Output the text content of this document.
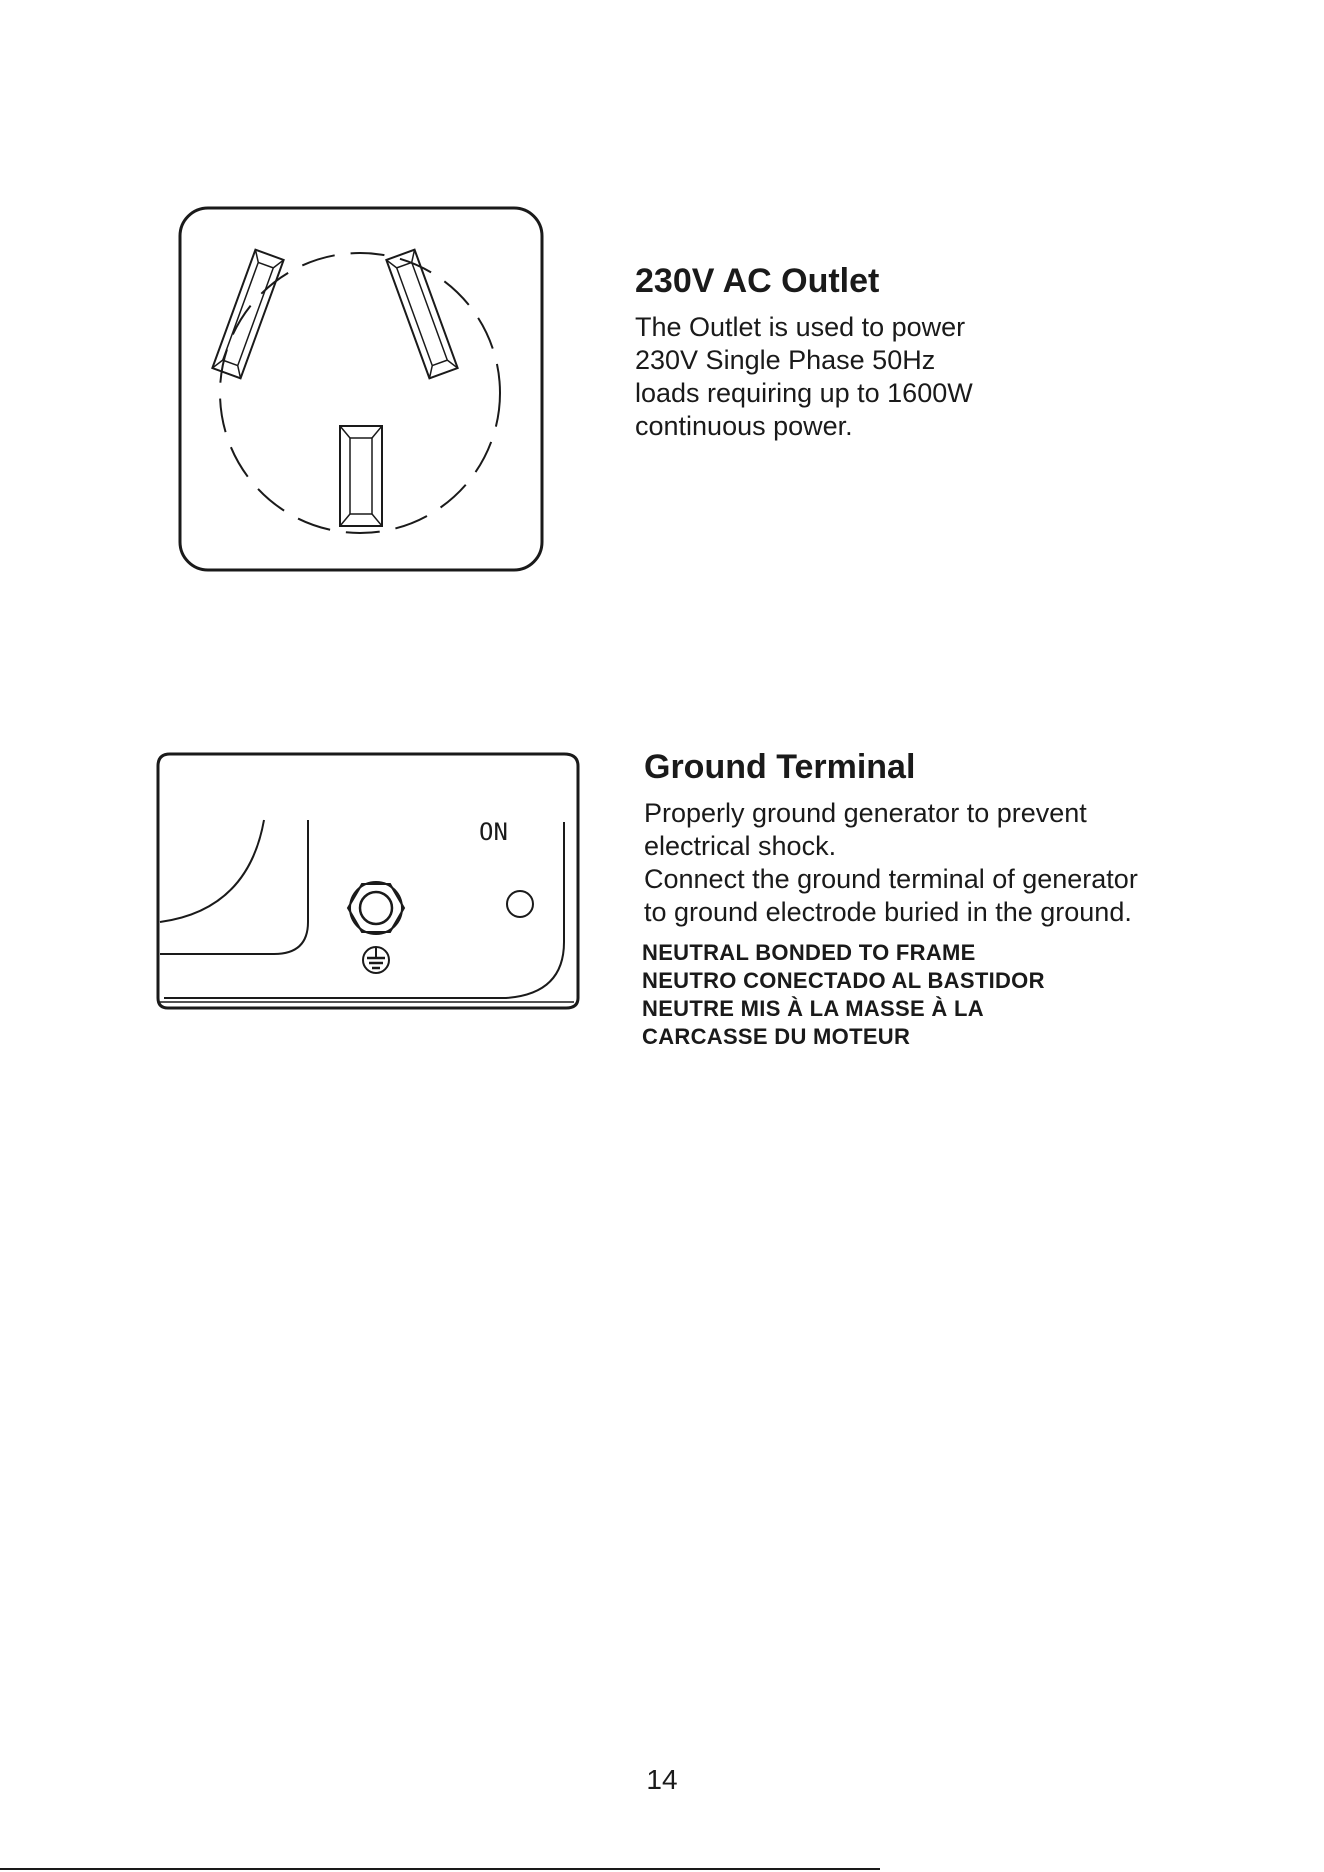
230V AC Outlet

The Outlet is used to power

230V Single Phase 50Hz

loads requiring up to 1600W

continuous power.

ON
Ground Terminal

Properly ground generator to prevent

electrical shock.

Connect the ground terminal of generator

to ground electrode buried in the ground.

NEUTRAL BONDED TO FRAME

NEUTRO CONECTADO AL BASTIDOR

NEUTRE MIS À LA MASSE À LA

CARCASSE DU MOTEUR

14
